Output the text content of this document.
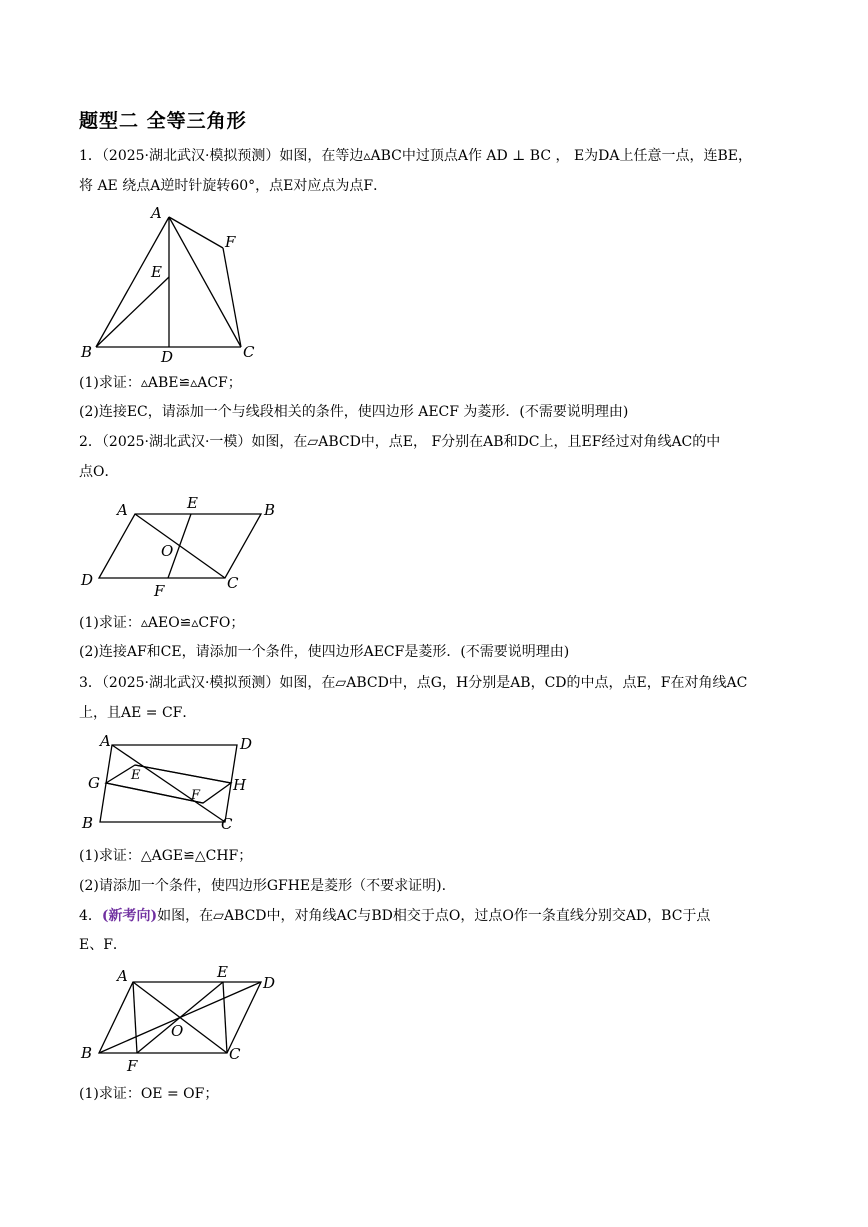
题型二 全等三角形
1．（2025·湖北武汉·模拟预测）如图，在等边▵ABC中过顶点A作 AD ⊥ BC ， E为DA上任意一点，连BE，
将 AE 绕点A逆时针旋转60°，点E对应点为点F．
A
F
E
B	D	C
(1)求证：▵ABE≌▵ACF；
(2)连接EC，请添加一个与线段相关的条件，使四边形 AECF 为菱形．(不需要说明理由)
2．（2025·湖北武汉·一模）如图，在▱ABCD中，点E， F分别在AB和DC上，且EF经过对角线AC的中
点O．
A	E	B
O
D
F	C
(1)求证：▵AEO≌▵CFO；
(2)连接AF和CE，请添加一个条件，使四边形AECF是菱形．(不需要说明理由)
3．（2025·湖北武汉·模拟预测）如图，在▱ABCD中，点G，H分别是AB，CD的中点，点E，F在对角线AC
上，且AE = CF．
A	D
E
G	H
F
B	C
(1)求证：△AGE≌△CHF；
(2)请添加一个条件，使四边形GFHE是菱形（不要求证明).
4．(新考向)如图，在▱ABCD中，对角线AC与BD相交于点O，过点O作一条直线分别交AD，BC于点
E、F．
A	E
D
O
B
F
C
(1)求证：OE = OF；
